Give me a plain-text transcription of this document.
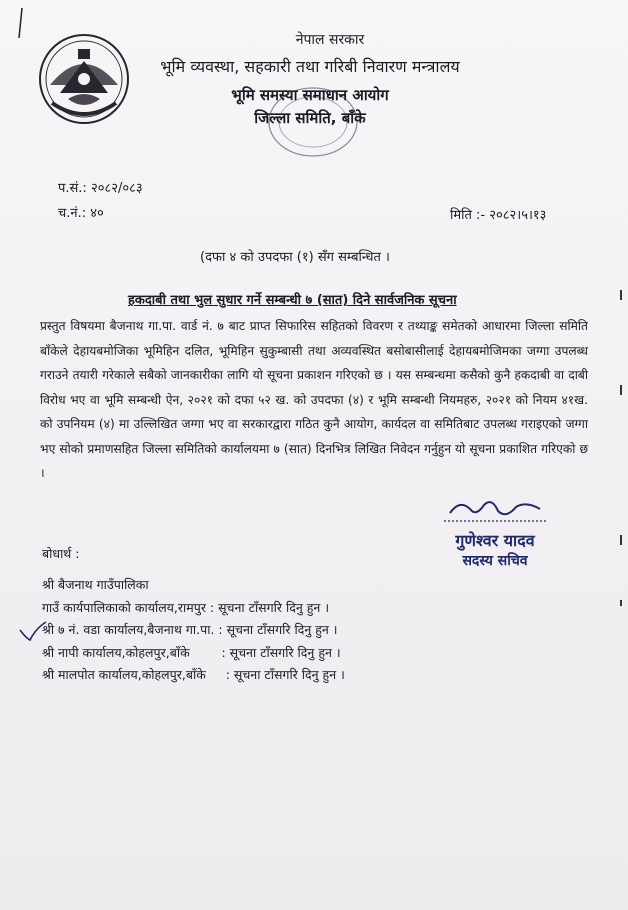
नेपाल सरकार
भूमि व्यवस्था, सहकारी तथा गरिबी निवारण मन्त्रालय
भूमि समस्या समाधान आयोग
जिल्ला समिति, बाँके
प.सं.: २०८२/०८३
च.नं.: ४०	मिति :- २०८२।५।१३
(दफा ४ को उपदफा (१) सँग सम्बन्धित ।
हकदाबी तथा भुल सुधार गर्ने सम्बन्धी ७ (सात) दिने सार्वजनिक सूचना
प्रस्तुत विषयमा बैजनाथ गा.पा. वार्ड नं. ७ बाट प्राप्त सिफारिस सहितको विवरण र तथ्याङ्क समेतको आधारमा जिल्ला समिति बाँकेले देहायबमोजिका भूमिहिन दलित, भूमिहिन सुकुम्बासी तथा अव्यवस्थित बसोबासीलाई देहायबमोजिमका जग्गा उपलब्ध गराउने तयारी गरेकाले सबैको जानकारीका लागि यो सूचना प्रकाशन गरिएको छ । यस सम्बन्धमा कसैको कुनै हकदाबी वा दाबी विरोध भए वा भूमि सम्बन्धी ऐन, २०२१ को दफा ५२ ख. को उपदफा (४) र भूमि सम्बन्धी नियमहरु, २०२१ को नियम ४१ख. को उपनियम (४) मा उल्लिखित जग्गा भए वा सरकारद्वारा गठित कुनै आयोग, कार्यदल वा समितिबाट उपलब्ध गराइएको जग्गा भए सोको प्रमाणसहित जिल्ला समितिको कार्यालयमा ७ (सात) दिनभित्र लिखित निवेदन गर्नुहुन यो सूचना प्रकाशित गरिएको छ ।
गुणेश्वर यादव
सदस्य सचिव
बोधार्थ :
श्री बैजनाथ गाउँपालिका
गाउँ कार्यपालिकाको कार्यालय,रामपुर : सूचना टाँसगरि दिनु हुन ।
श्री ७ नं. वडा कार्यालय,बैजनाथ गा.पा. : सूचना टाँसगरि दिनु हुन ।
श्री नापी कार्यालय,कोहलपुर,बाँके : सूचना टाँसगरि दिनु हुन ।
श्री मालपोत कार्यालय,कोहलपुर,बाँके : सूचना टाँसगरि दिनु हुन ।
